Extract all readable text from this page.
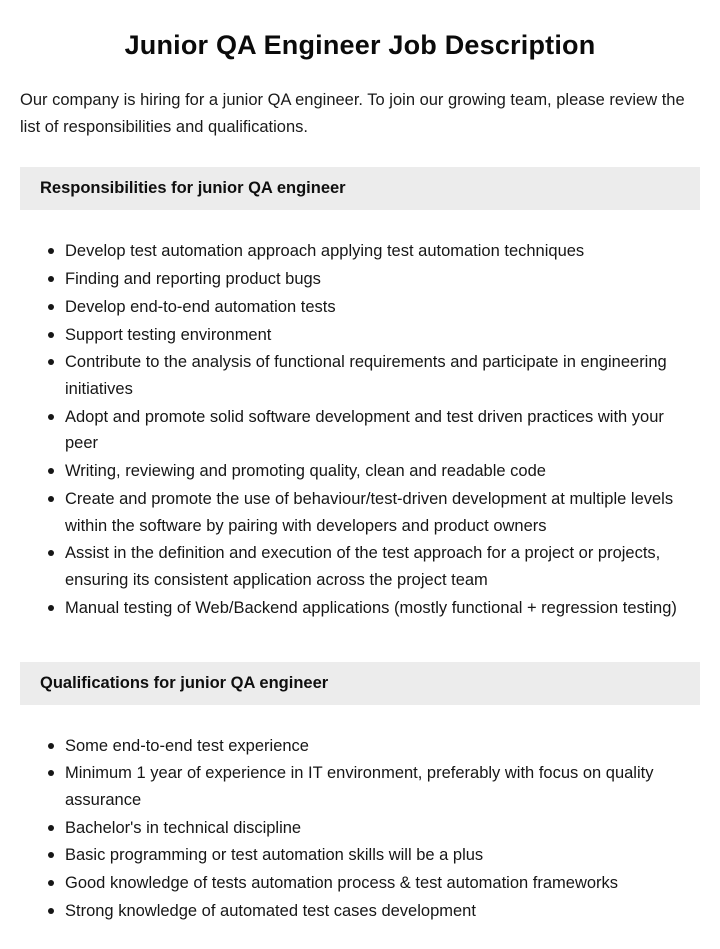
Junior QA Engineer Job Description

Our company is hiring for a junior QA engineer. To join our growing team, please review the list of responsibilities and qualifications.

Responsibilities for junior QA engineer
Develop test automation approach applying test automation techniques
Finding and reporting product bugs
Develop end-to-end automation tests
Support testing environment
Contribute to the analysis of functional requirements and participate in engineering initiatives
Adopt and promote solid software development and test driven practices with your peer
Writing, reviewing and promoting quality, clean and readable code
Create and promote the use of behaviour/test-driven development at multiple levels within the software by pairing with developers and product owners
Assist in the definition and execution of the test approach for a project or projects, ensuring its consistent application across the project team
Manual testing of Web/Backend applications (mostly functional + regression testing)
Qualifications for junior QA engineer
Some end-to-end test experience
Minimum 1 year of experience in IT environment, preferably with focus on quality assurance
Bachelor's in technical discipline
Basic programming or test automation skills will be a plus
Good knowledge of tests automation process & test automation frameworks
Strong knowledge of automated test cases development
